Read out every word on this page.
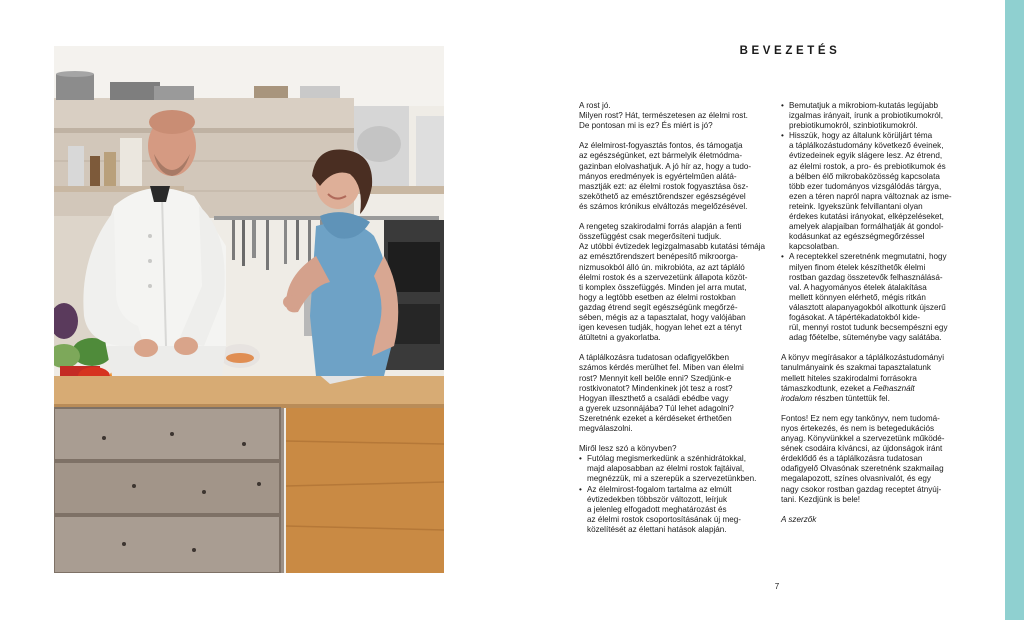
BEVEZETÉS

A rost jó.
Milyen rost? Hát, természetesen az élelmi rost.
De pontosan mi is ez? És miért is jó?

Az élelmirost-fogyasztás fontos, és támogatja
az egészségünket, ezt bármelyik életmódma-
gazinban elolvashatjuk. A jó hír az, hogy a tudo-
mányos eredmények is egyértelműen alátá-
masztják ezt: az élelmi rostok fogyasztása ösz-
szeköthető az emésztőrendszer egészségével
és számos krónikus elváltozás megelőzésével.

A rengeteg szakirodalmi forrás alapján a fenti
összefüggést csak megerősíteni tudjuk.
Az utóbbi évtizedek legizgalmasabb kutatási témája
az emésztőrendszert benépesítő mikroorga-
nizmusokból álló ún. mikrobióta, az azt tápláló
élelmi rostok és a szervezetünk állapota közöt-
ti komplex összefüggés. Minden jel arra mutat,
hogy a legtöbb esetben az élelmi rostokban
gazdag étrend segít egészségünk megőrzé-
sében, mégis az a tapasztalat, hogy valójában
igen kevesen tudják, hogyan lehet ezt a tényt
átültetni a gyakorlatba.

A táplálkozásra tudatosan odafigyelőkben
számos kérdés merülhet fel. Miben van élelmi
rost? Mennyit kell belőle enni? Szedjünk-e
rostkivonatot? Mindenkinek jót tesz a rost?
Hogyan illeszthető a családi ebédbe vagy
a gyerek uzsonnájába? Túl lehet adagolni?
Szeretnénk ezeket a kérdéseket érthetően
megválaszolni.

Miről lesz szó a könyvben?

• Futólag megismerkedünk a szénhidrátokkal,
majd alaposabban az élelmi rostok fajtáival,
megnézzük, mi a szerepük a szervezetünkben.
• Az élelmirost-fogalom tartalma az elmúlt
évtizedekben többször változott, leírjuk
a jelenleg elfogadott meghatározást és
az élelmi rostok csoportosításának új meg-
közelítését az élettani hatások alapján.
• Bemutatjuk a mikrobiom-kutatás legújabb
izgalmas irányait, írunk a probiotikumokról,
prebiotikumokról, szinbiotikumokról.
• Hisszük, hogy az általunk körüljárt téma
a táplálkozástudomány következő éveinek,
évtizedeinek egyik slágere lesz. Az étrend,
az élelmi rostok, a pro- és prebiotikumok és
a bélben élő mikrobaközösség kapcsolata
több ezer tudományos vizsgálódás tárgya,
ezen a téren napról napra változnak az isme-
reteink. Igyekszünk felvillantani olyan
érdekes kutatási irányokat, elképzeléseket,
amelyek alapjaiban formálhatják át gondol-
kodásunkat az egészségmegőrzéssel
kapcsolatban.
• A receptekkel szeretnénk megmutatni, hogy
milyen finom ételek készíthetők élelmi
rostban gazdag összetevők felhasználásá-
val. A hagyományos ételek átalakítása
mellett könnyen elérhető, mégis ritkán
választott alapanyagokból alkottunk újszerű
fogásokat. A tápértékadatokból kide-
rül, mennyi rostot tudunk becsempészni egy
adag főételbe, süteménybe vagy salátába.

A könyv megírásakor a táplálkozástudományi
tanulmányaink és szakmai tapasztalatunk
mellett hiteles szakirodalmi forrásokra
támaszkodtunk, ezeket a Felhasznált
irodalom részben tüntettük fel.

Fontos! Ez nem egy tankönyv, nem tudomá-
nyos értekezés, és nem is betegedukációs
anyag. Könyvünkkel a szervezetünk működé-
sének csodáira kíváncsi, az újdonságok iránt
érdeklődő és a táplálkozásra tudatosan
odafigyelő Olvasónak szeretnénk szakmailag
megalapozott, színes olvasnivalót, és egy
nagy csokor rostban gazdag receptet átnyúj-
tani. Kezdjünk is bele!

A szerzők

7
